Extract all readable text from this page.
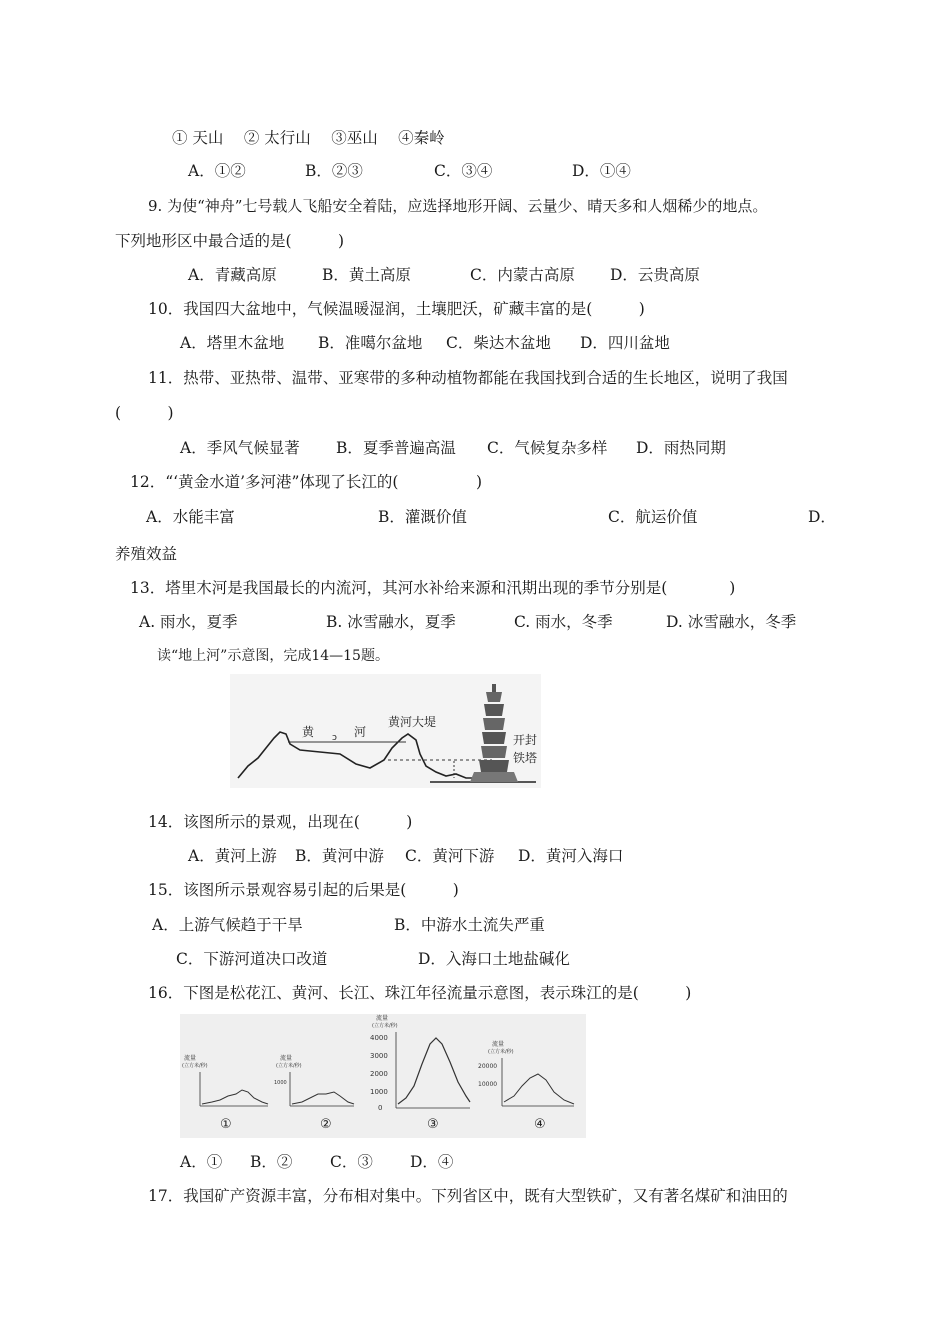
① 天山　 ② 太行山　 ③巫山　 ④秦岭
A．①②	B．②③	C．③④	D．①④
9. 为使“神舟”七号载人飞船安全着陆，应选择地形开阔、云量少、晴天多和人烟稀少的地点。
下列地形区中最合适的是(　　　)
A．青藏高原	B．黄土高原	C．内蒙古高原 D．云贵高原
10．我国四大盆地中，气候温暖湿润，土壤肥沃，矿藏丰富的是(　　　)
A．塔里木盆地 B．准噶尔盆地 C．柴达木盆地 D．四川盆地
11．热带、亚热带、温带、亚寒带的多种动植物都能在我国找到合适的生长地区，说明了我国
(　　　)
A．季风气候显著 B．夏季普遍高温 C．气候复杂多样 D．雨热同期
12．“‘黄金水道’多河港”体现了长江的(　　　　　)
A．水能丰富	B．灌溉价值	C．航运价值	D．
养殖效益
13．塔里木河是我国最长的内流河，其河水补给来源和汛期出现的季节分别是(　　　　)
A. 雨水，夏季	B. 冰雪融水，夏季	C. 雨水，冬季	D. 冰雪融水，冬季
读“地上河”示意图，完成14—15题。
黄 ↄ 河
黄河大堤
开封
铁塔
14．该图所示的景观，出现在(　　　)
A．黄河上游 B．黄河中游 C．黄河下游 D．黄河入海口
15．该图所示景观容易引起的后果是(　　　)
A．上游气候趋于干旱	B．中游水土流失严重
C．下游河道决口改道	D．入海口土地盐碱化
16．下图是松花江、黄河、长江、珠江年径流量示意图，表示珠江的是(　　　)
流量
(立方米/秒)
①
流量
(立方米/秒)
1000
②
流量
(立方米/秒)
4000
3000
2000
1000
0
③
流量
(立方米/秒)
20000
10000
④
A．① B．② C．③ D．④
17．我国矿产资源丰富，分布相对集中。下列省区中，既有大型铁矿，又有著名煤矿和油田的
